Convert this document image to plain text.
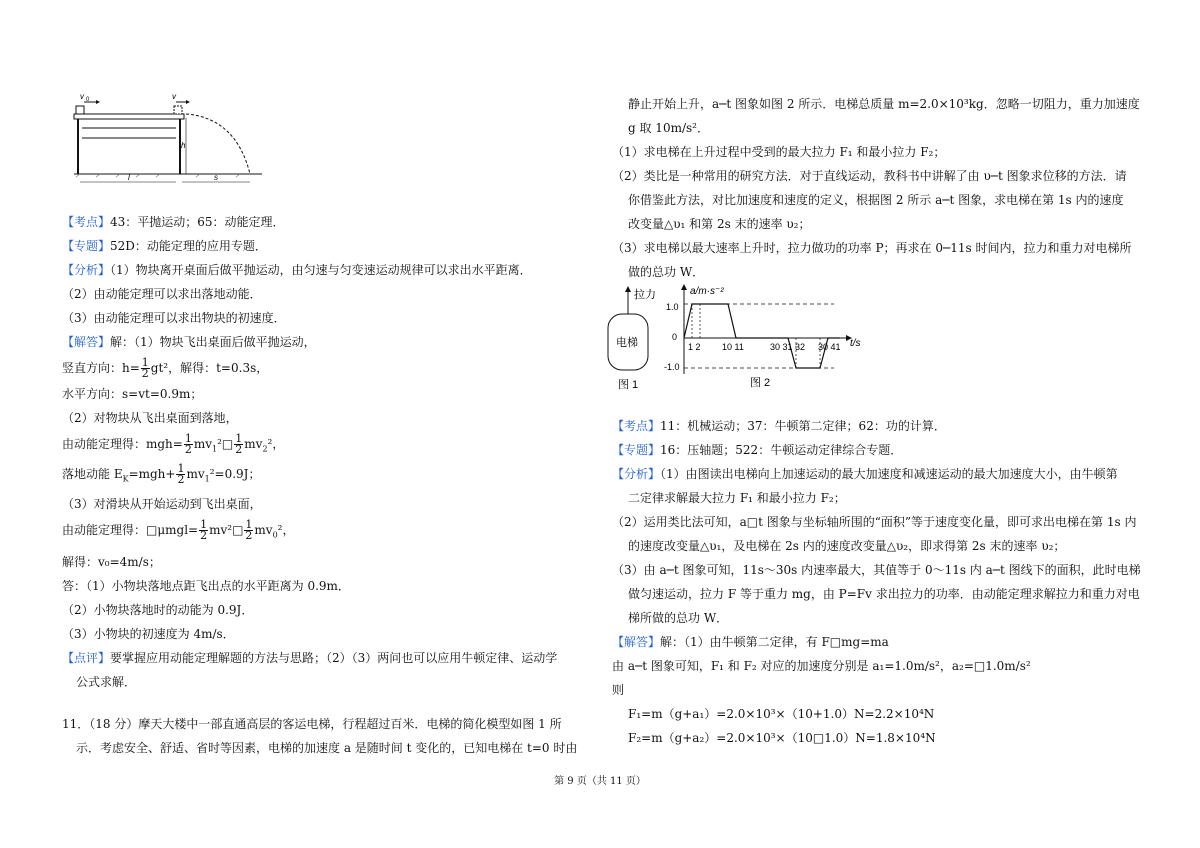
v 0	v
h
l	s
【考点】43：平抛运动；65：动能定理．
【专题】52D：动能定理的应用专题．
【分析】（1）物块离开桌面后做平抛运动，由匀速与匀变速运动规律可以求出水平距离．
（2）由动能定理可以求出落地动能．
（3）由动能定理可以求出物块的初速度．
【解答】解：（1）物块飞出桌面后做平抛运动，
竖直方向：$h= \frac{1}{2} gt^2$，解得：t=0.3s，
水平方向：s=vt=0.9m；
（2）对物块从飞出桌面到落地，
由动能定理得：$mgh= \frac{1}{2}$ $mv_1^2□ \frac{1}{2} mv_2^2$，
落地动能 $E_K=mgh+ \frac{1}{2} mv_1^2=0.9J$；
（3）对滑块从开始运动到飞出桌面，
由动能定理得：□μmgl= $\frac{1}{2}$ mv²□ $\frac{1}{2} mv_0^2$，
解得：v₀=4m/s；
答：（1）小物块落地点距飞出点的水平距离为 0.9m．
（2）小物块落地时的动能为 0.9J．
（3）小物块的初速度为 4m/s．
【点评】要掌握应用动能定理解题的方法与思路；（2）（3）两问也可以应用牛顿定律、运动学
公式求解．
11．（18 分）摩天大楼中一部直通高层的客运电梯，行程超过百米．电梯的简化模型如图 1 所
示．考虑安全、舒适、省时等因素，电梯的加速度 a 是随时间 t 变化的，已知电梯在 t=0 时由
静止开始上升，a─t 图象如图 2 所示．电梯总质量 m=2.0×10³kg．忽略一切阻力，重力加速度
g 取 10m/s²．
（1）求电梯在上升过程中受到的最大拉力 F₁ 和最小拉力 F₂；
（2）类比是一种常用的研究方法．对于直线运动，教科书中讲解了由 υ─t 图象求位移的方法．请
你借鉴此方法，对比加速度和速度的定义，根据图 2 所示 a─t 图象，求电梯在第 1s 内的速度
改变量△υ₁ 和第 2s 末的速率 υ₂；
（3）求电梯以最大速率上升时，拉力做功的功率 P；再求在 0─11s 时间内，拉力和重力对电梯所
做的总功 W．
拉力
电梯
图 1
a/m·s⁻²
1.0
0
-1.0
t/s
1 2 10 11	30 31 32 30 41
图 2
【考点】11：机械运动；37：牛顿第二定律；62：功的计算．
【专题】16：压轴题；522：牛顿运动定律综合专题．
【分析】（1）由图读出电梯向上加速运动的最大加速度和减速运动的最大加速度大小，由牛顿第
二定律求解最大拉力 F₁ 和最小拉力 F₂；
（2）运用类比法可知，a□t 图象与坐标轴所围的“面积”等于速度变化量，即可求出电梯在第 1s 内
的速度改变量△υ₁，及电梯在 2s 内的速度改变量△υ₂，即求得第 2s 末的速率 υ₂；
（3）由 a─t 图象可知，11s～30s 内速率最大，其值等于 0～11s 内 a─t 图线下的面积，此时电梯
做匀速运动，拉力 F 等于重力 mg，由 P=Fv 求出拉力的功率．由动能定理求解拉力和重力对电
梯所做的总功 W．
【解答】解：（1）由牛顿第二定律，有 F□mg=ma
由 a─t 图象可知，F₁ 和 F₂ 对应的加速度分别是 a₁=1.0m/s²，a₂=□1.0m/s²
则
F₁=m（g+a₁）=2.0×10³×（10+1.0）N=2.2×10⁴N
F₂=m（g+a₂）=2.0×10³×（10□1.0）N=1.8×10⁴N
第 9 页（共 11 页）
